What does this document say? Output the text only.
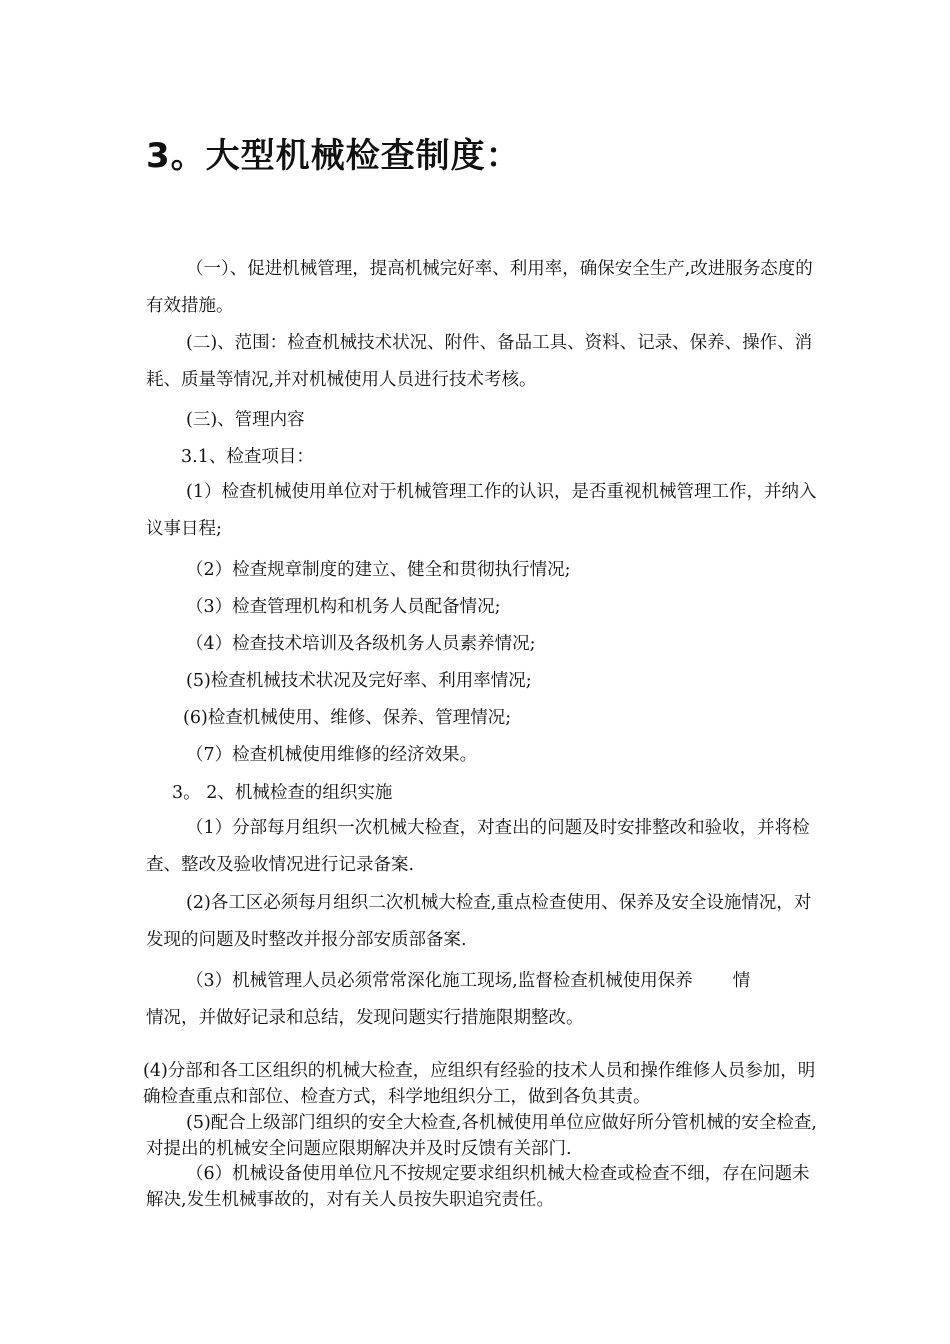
3。大型机械检查制度：
（一）、促进机械管理，提高机械完好率、利用率，确保安全生产,改进服务态度的有效措施。
(二)、范围：检查机械技术状况、附件、备品工具、资料、记录、保养、操作、消耗、质量等情况,并对机械使用人员进行技术考核。
(三)、管理内容
3.1、检查项目：
(1）检查机械使用单位对于机械管理工作的认识，是否重视机械管理工作，并纳入议事日程;
（2）检查规章制度的建立、健全和贯彻执行情况;
（3）检查管理机构和机务人员配备情况;
（4）检查技术培训及各级机务人员素养情况;
(5)检查机械技术状况及完好率、利用率情况;
(6)检查机械使用、维修、保养、管理情况;
（7）检查机械使用维修的经济效果。
3。 2、机械检查的组织实施
（1）分部每月组织一次机械大检查，对查出的问题及时安排整改和验收，并将检查、整改及验收情况进行记录备案.
(2)各工区必须每月组织二次机械大检查,重点检查使用、保养及安全设施情况，对发现的问题及时整改并报分部安质部备案.
（3）机械管理人员必须常常深化施工现场,监督检查机械使用保养 情
情况，并做好记录和总结，发现问题实行措施限期整改。
(4)分部和各工区组织的机械大检查，应组织有经验的技术人员和操作维修人员参加，明确检查重点和部位、检查方式，科学地组织分工，做到各负其责。
(5)配合上级部门组织的安全大检查,各机械使用单位应做好所分管机械的安全检查,对提出的机械安全问题应限期解决并及时反馈有关部门.
（6）机械设备使用单位凡不按规定要求组织机械大检查或检查不细，存在问题未解决,发生机械事故的，对有关人员按失职追究责任。
